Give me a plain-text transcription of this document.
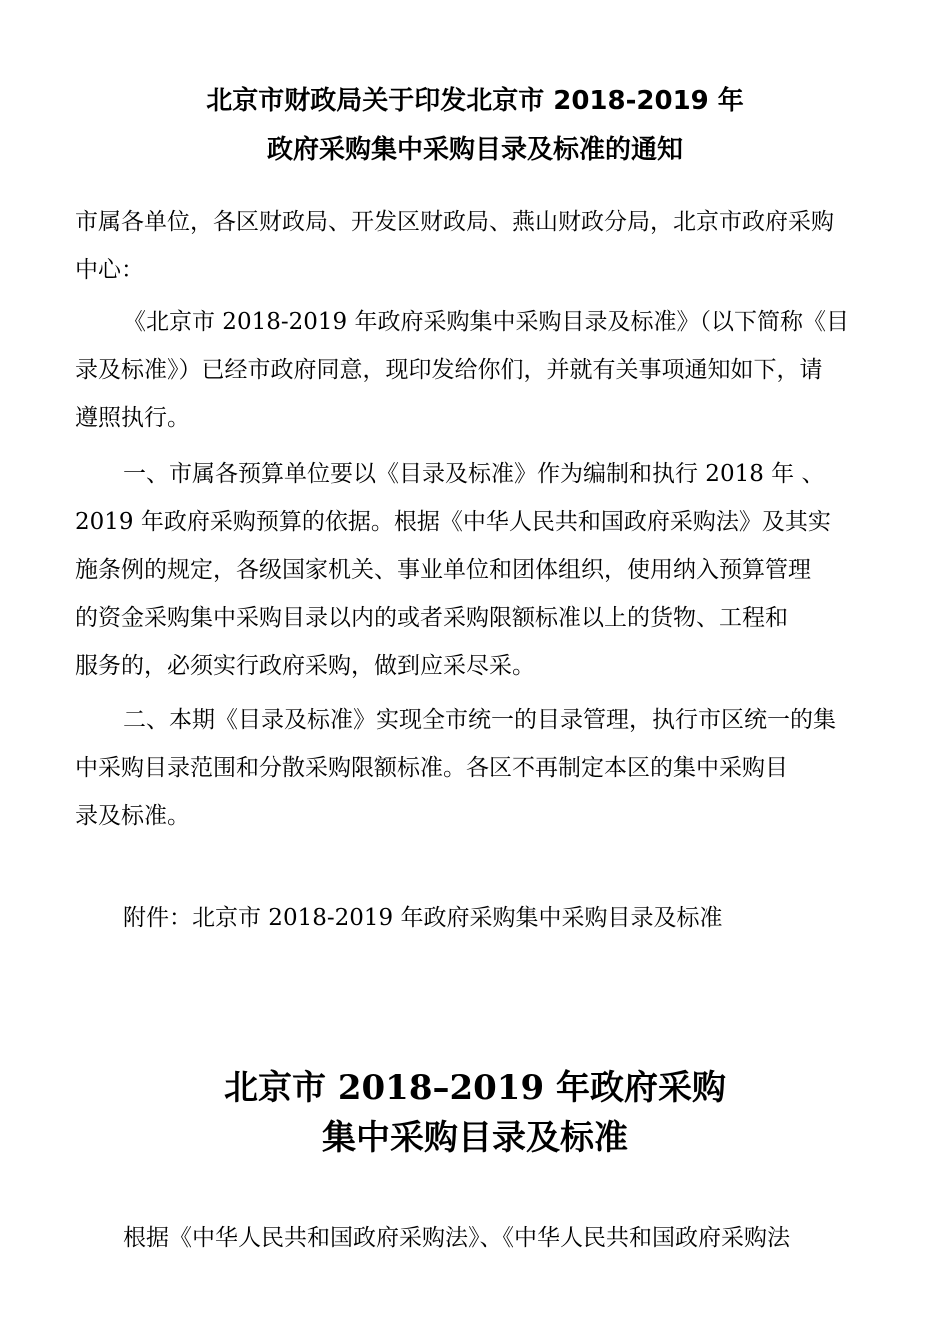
北京市财政局关于印发北京市 2018-2019 年
政府采购集中采购目录及标准的通知
市属各单位，各区财政局、开发区财政局、燕山财政分局，北京市政府采购
中心：
《北京市 2018-2019 年政府采购集中采购目录及标准》（以下简称《目
录及标准》）已经市政府同意，现印发给你们，并就有关事项通知如下，请
遵照执行。
一、市属各预算单位要以《目录及标准》作为编制和执行 2018 年 、
2019 年政府采购预算的依据。根据《中华人民共和国政府采购法》及其实
施条例的规定，各级国家机关、事业单位和团体组织，使用纳入预算管理
的资金采购集中采购目录以内的或者采购限额标准以上的货物、工程和
服务的，必须实行政府采购，做到应采尽采。
二、本期《目录及标准》实现全市统一的目录管理，执行市区统一的集
中采购目录范围和分散采购限额标准。各区不再制定本区的集中采购目
录及标准。
附件：北京市 2018-2019 年政府采购集中采购目录及标准
北京市 2018–2019 年政府采购
集中采购目录及标准
根据《中华人民共和国政府采购法》、《中华人民共和国政府采购法
